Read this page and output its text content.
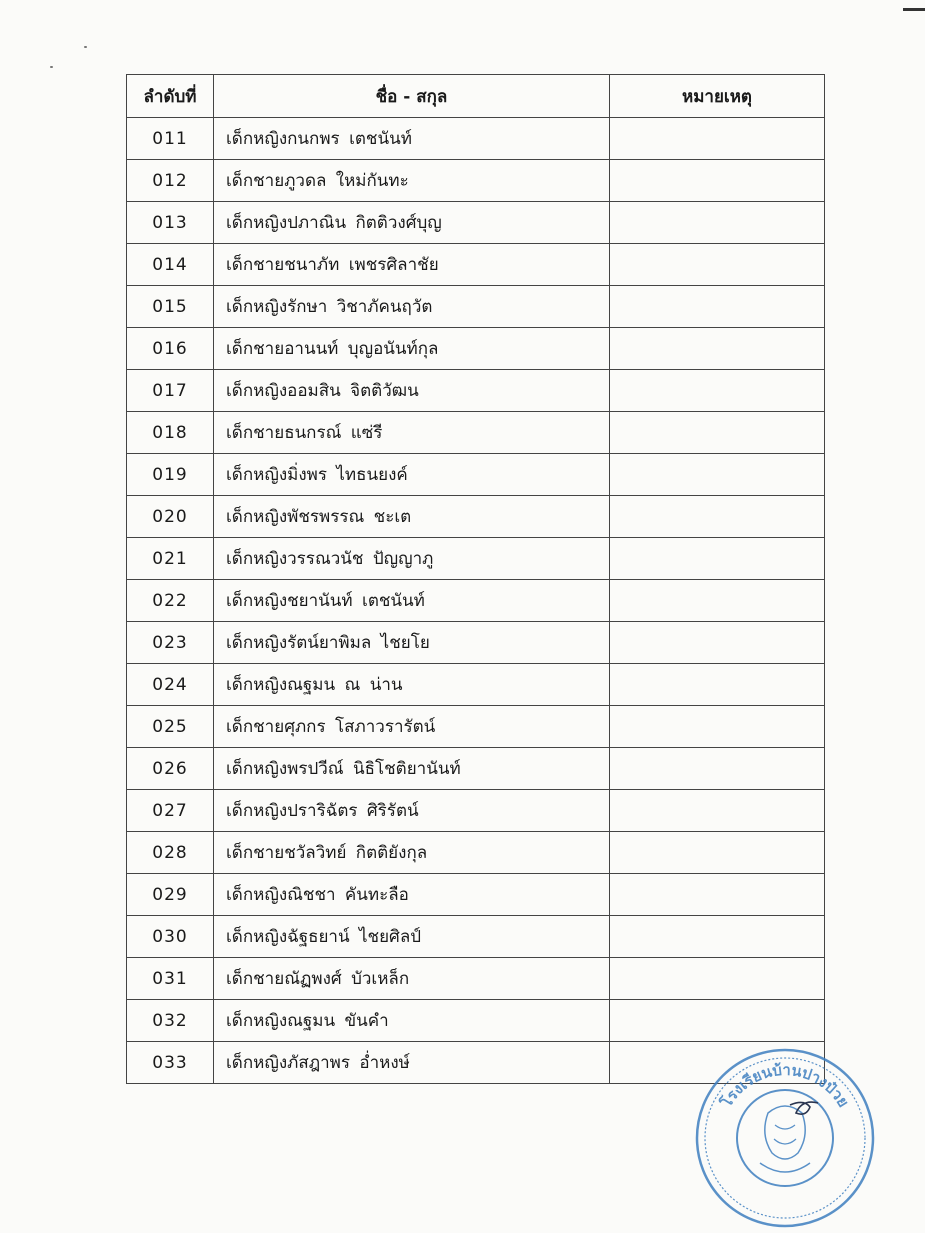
ลำดับที่	ชื่อ - สกุล	หมายเหตุ
011	เด็กหญิงกนกพร เตชนันท์	
012	เด็กชายภูวดล ใหม่กันทะ	
013	เด็กหญิงปภาณิน กิตติวงศ์บุญ	
014	เด็กชายชนาภัท เพชรศิลาชัย	
015	เด็กหญิงรักษา วิชาภัคนฤวัต	
016	เด็กชายอานนท์ บุญอนันท์กุล	
017	เด็กหญิงออมสิน จิตติวัฒน	
018	เด็กชายธนกรณ์ แซ่รี	
019	เด็กหญิงมิ่งพร ไทธนยงค์	
020	เด็กหญิงพัชรพรรณ ชะเต	
021	เด็กหญิงวรรณวนัช ปัญญาภู	
022	เด็กหญิงชยานันท์ เตชนันท์	
023	เด็กหญิงรัตน์ยาพิมล ไชยโย	
024	เด็กหญิงณฐมน ณ น่าน	
025	เด็กชายศุภกร โสภาวรารัตน์	
026	เด็กหญิงพรปวีณ์ นิธิโชติยานันท์	
027	เด็กหญิงปราริฉัตร ศิริรัตน์	
028	เด็กชายชวัลวิทย์ กิตติยังกุล	
029	เด็กหญิงณิชชา คันทะลือ	
030	เด็กหญิงฉัฐธยาน์ ไชยศิลป์	
031	เด็กชายณัฏพงศ์ บัวเหล็ก	
032	เด็กหญิงณฐมน ขันคำ	
033	เด็กหญิงภัสฎาพร อ่ำหงษ์	
โรงเรียนบ้านปางป๋วย
